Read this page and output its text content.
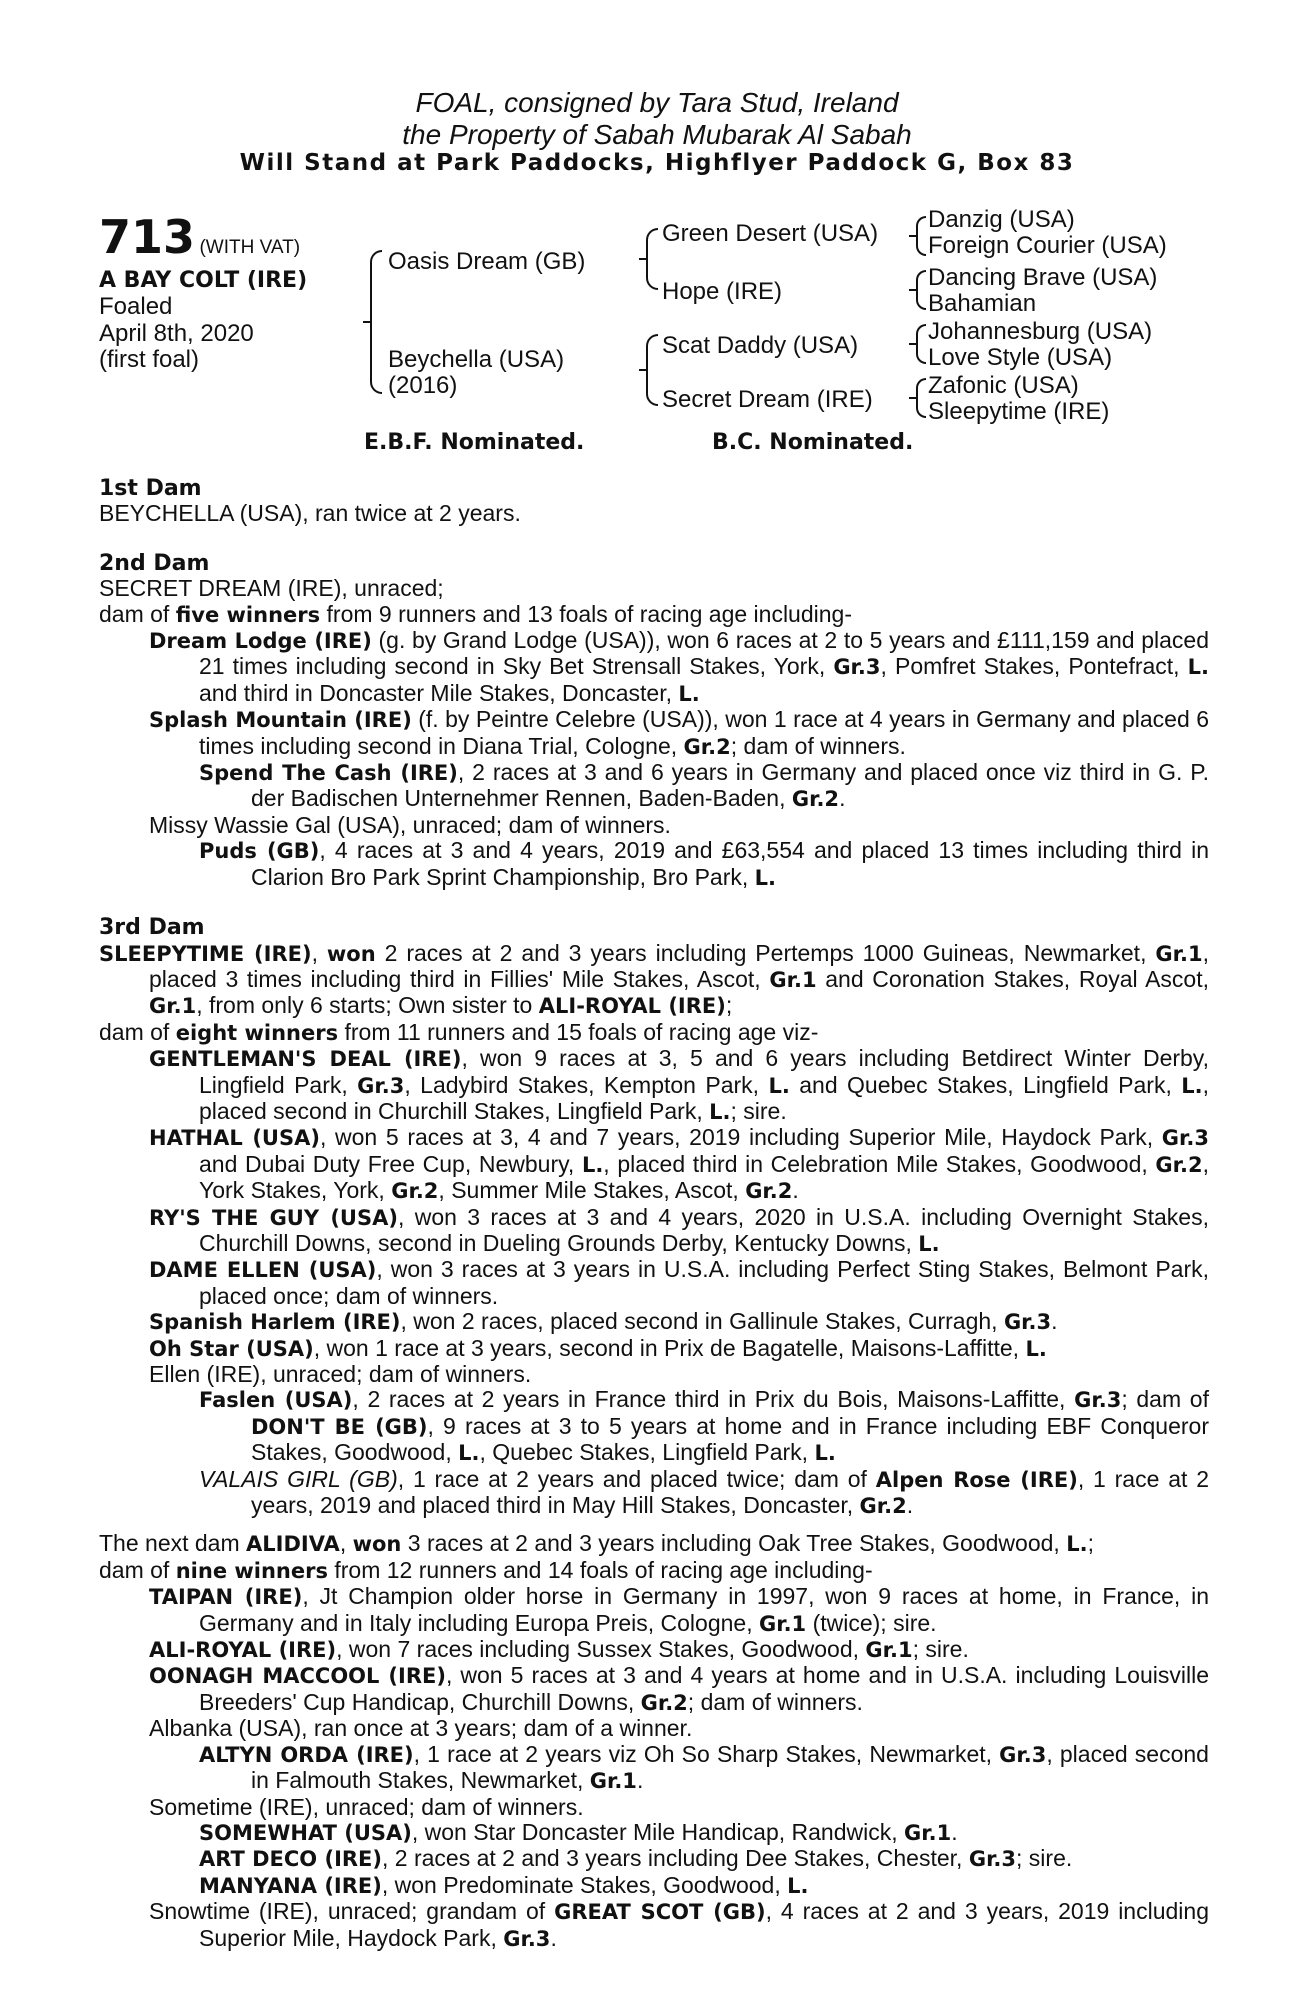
FOAL, consigned by Tara Stud, Ireland
the Property of Sabah Mubarak Al Sabah
Will Stand at Park Paddocks, Highflyer Paddock G, Box 83
713 (WITH VAT)
A BAY COLT (IRE)
Foaled
April 8th, 2020
(first foal)
Oasis Dream (GB)
Beychella (USA)
(2016)
Green Desert (USA)
Hope (IRE)
Scat Daddy (USA)
Secret Dream (IRE)
Danzig (USA)
Foreign Courier (USA)
Dancing Brave (USA)
Bahamian
Johannesburg (USA)
Love Style (USA)
Zafonic (USA)
Sleepytime (IRE)
E.B.F. Nominated.	B.C. Nominated.
1st Dam

BEYCHELLA (USA), ran twice at 2 years.

2nd Dam

SECRET DREAM (IRE), unraced;

dam of five winners from 9 runners and 13 foals of racing age including-

Dream Lodge (IRE) (g. by Grand Lodge (USA)), won 6 races at 2 to 5 years and £111,159 and placed 21 times including second in Sky Bet Strensall Stakes, York, Gr.3, Pomfret Stakes, Pontefract, L. and third in Doncaster Mile Stakes, Doncaster, L.

Splash Mountain (IRE) (f. by Peintre Celebre (USA)), won 1 race at 4 years in Germany and placed 6 times including second in Diana Trial, Cologne, Gr.2; dam of winners.

Spend The Cash (IRE), 2 races at 3 and 6 years in Germany and placed once viz third in G. P. der Badischen Unternehmer Rennen, Baden-Baden, Gr.2.

Missy Wassie Gal (USA), unraced; dam of winners.

Puds (GB), 4 races at 3 and 4 years, 2019 and £63,554 and placed 13 times including third in Clarion Bro Park Sprint Championship, Bro Park, L.

3rd Dam

SLEEPYTIME (IRE), won 2 races at 2 and 3 years including Pertemps 1000 Guineas, Newmarket, Gr.1, placed 3 times including third in Fillies' Mile Stakes, Ascot, Gr.1 and Coronation Stakes, Royal Ascot, Gr.1, from only 6 starts; Own sister to ALI-ROYAL (IRE);

dam of eight winners from 11 runners and 15 foals of racing age viz-

GENTLEMAN'S DEAL (IRE), won 9 races at 3, 5 and 6 years including Betdirect Winter Derby, Lingfield Park, Gr.3, Ladybird Stakes, Kempton Park, L. and Quebec Stakes, Lingfield Park, L., placed second in Churchill Stakes, Lingfield Park, L.; sire.

HATHAL (USA), won 5 races at 3, 4 and 7 years, 2019 including Superior Mile, Haydock Park, Gr.3 and Dubai Duty Free Cup, Newbury, L., placed third in Celebration Mile Stakes, Goodwood, Gr.2, York Stakes, York, Gr.2, Summer Mile Stakes, Ascot, Gr.2.

RY'S THE GUY (USA), won 3 races at 3 and 4 years, 2020 in U.S.A. including Overnight Stakes, Churchill Downs, second in Dueling Grounds Derby, Kentucky Downs, L.

DAME ELLEN (USA), won 3 races at 3 years in U.S.A. including Perfect Sting Stakes, Belmont Park, placed once; dam of winners.

Spanish Harlem (IRE), won 2 races, placed second in Gallinule Stakes, Curragh, Gr.3.

Oh Star (USA), won 1 race at 3 years, second in Prix de Bagatelle, Maisons-Laffitte, L.

Ellen (IRE), unraced; dam of winners.

Faslen (USA), 2 races at 2 years in France third in Prix du Bois, Maisons-Laffitte, Gr.3; dam of DON'T BE (GB), 9 races at 3 to 5 years at home and in France including EBF Conqueror Stakes, Goodwood, L., Quebec Stakes, Lingfield Park, L.

VALAIS GIRL (GB), 1 race at 2 years and placed twice; dam of Alpen Rose (IRE), 1 race at 2 years, 2019 and placed third in May Hill Stakes, Doncaster, Gr.2.

The next dam ALIDIVA, won 3 races at 2 and 3 years including Oak Tree Stakes, Goodwood, L.;

dam of nine winners from 12 runners and 14 foals of racing age including-

TAIPAN (IRE), Jt Champion older horse in Germany in 1997, won 9 races at home, in France, in Germany and in Italy including Europa Preis, Cologne, Gr.1 (twice); sire.

ALI-ROYAL (IRE), won 7 races including Sussex Stakes, Goodwood, Gr.1; sire.

OONAGH MACCOOL (IRE), won 5 races at 3 and 4 years at home and in U.S.A. including Louisville Breeders' Cup Handicap, Churchill Downs, Gr.2; dam of winners.

Albanka (USA), ran once at 3 years; dam of a winner.

ALTYN ORDA (IRE), 1 race at 2 years viz Oh So Sharp Stakes, Newmarket, Gr.3, placed second in Falmouth Stakes, Newmarket, Gr.1.

Sometime (IRE), unraced; dam of winners.

SOMEWHAT (USA), won Star Doncaster Mile Handicap, Randwick, Gr.1.

ART DECO (IRE), 2 races at 2 and 3 years including Dee Stakes, Chester, Gr.3; sire.

MANYANA (IRE), won Predominate Stakes, Goodwood, L.

Snowtime (IRE), unraced; grandam of GREAT SCOT (GB), 4 races at 2 and 3 years, 2019 including Superior Mile, Haydock Park, Gr.3.
